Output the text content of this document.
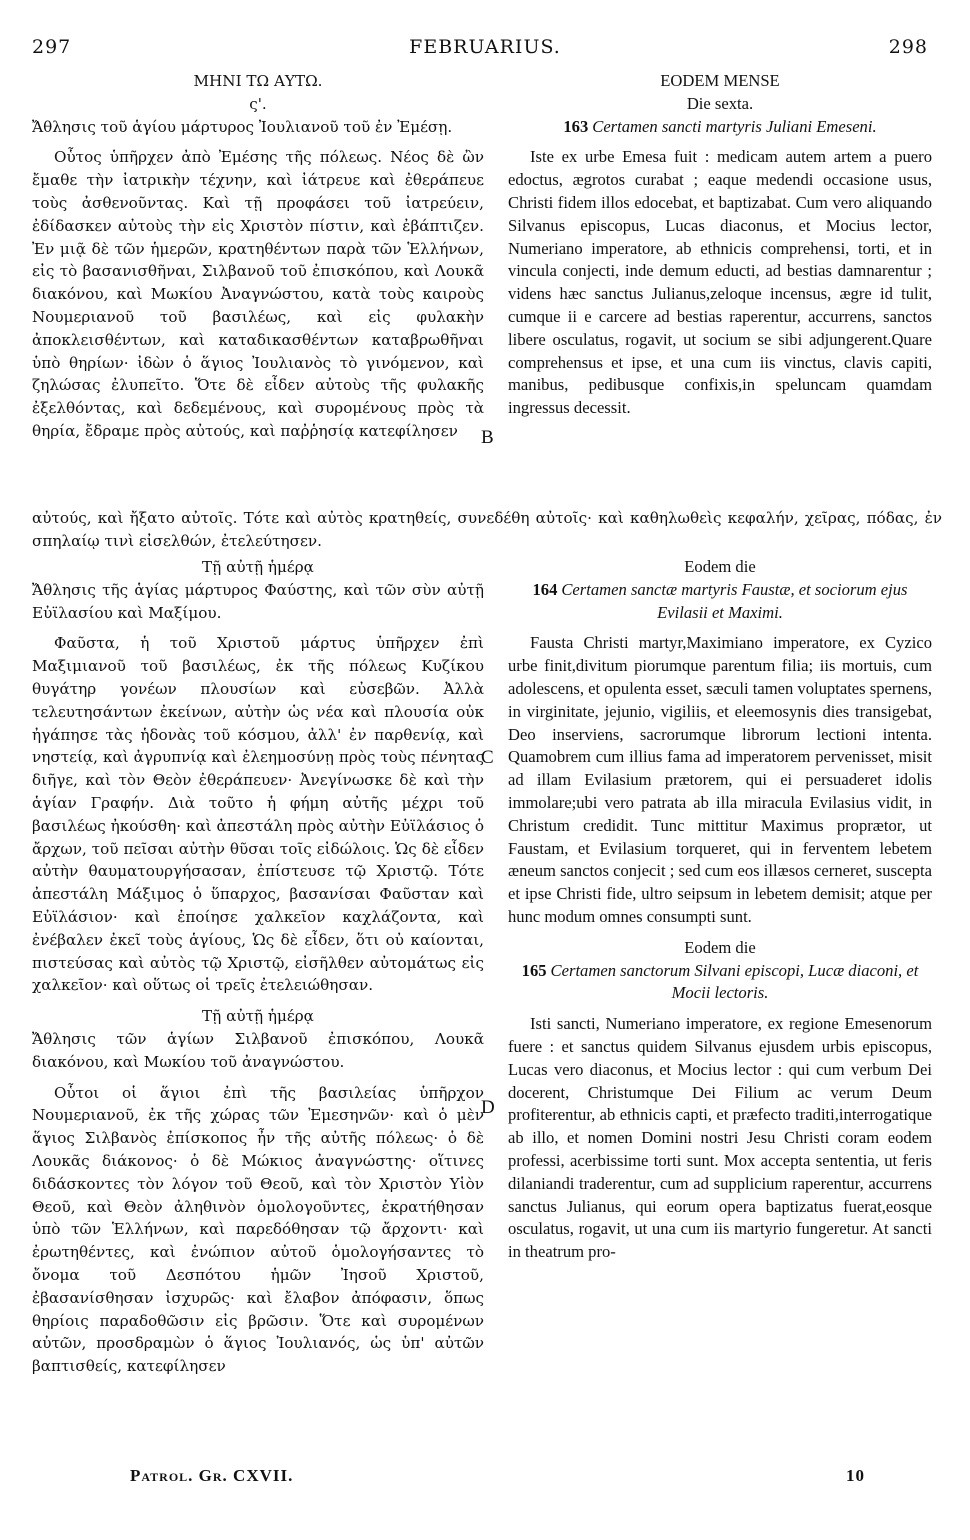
297	FEBRUARIUS.	298
ΜΗΝΙ ΤΩ ΑΥΤΩ.
ς'.
Ἄθλησις τοῦ ἁγίου μάρτυρος Ἰουλιανοῦ τοῦ ἐν Ἐμέσῃ.

Οὗτος ὑπῆρχεν ἀπὸ Ἐμέσης τῆς πόλεως. Νέος δὲ ὢν ἔμαθε τὴν ἰατρικὴν τέχνην, καὶ ἰάτρευε καὶ ἐθεράπευε τοὺς ἀσθενοῦντας. Καὶ τῇ προφάσει τοῦ ἰατρεύειν, ἐδίδασκεν αὐτοὺς τὴν εἰς Χριστὸν πίστιν, καὶ ἐβάπτιζεν. Ἐν μιᾷ δὲ τῶν ἡμερῶν, κρατηθέντων παρὰ τῶν Ἑλλήνων, εἰς τὸ βασανισθῆναι, Σιλβανοῦ τοῦ ἐπισκόπου, καὶ Λουκᾶ διακόνου, καὶ Μωκίου Ἀναγνώστου, κατὰ τοὺς καιροὺς Νουμεριανοῦ τοῦ βασιλέως, καὶ εἰς φυλακὴν ἀποκλεισθέντων, καὶ καταδικασθέντων καταβρωθῆναι ὑπὸ θηρίων· ἰδὼν ὁ ἅγιος Ἰουλιανὸς τὸ γινόμενον, καὶ ζηλώσας ἐλυπεῖτο. Ὅτε δὲ εἶδεν αὐτοὺς τῆς φυλακῆς ἐξελθόντας, καὶ δεδεμένους, καὶ συρομένους πρὸς τὰ θηρία, ἔδραμε πρὸς αὐτούς, καὶ παῤῥησίᾳ κατεφίλησεν

αὐτούς, καὶ ἤξατο αὐτοῖς. Τότε καὶ αὐτὸς κρατηθείς, συνεδέθη αὐτοῖς· καὶ καθηλωθεὶς κεφαλήν, χεῖρας, πόδας, ἐν σπηλαίῳ τινὶ εἰσελθών, ἐτελεύτησεν.
Τῇ αὐτῇ ἡμέρᾳ
Ἄθλησις τῆς ἁγίας μάρτυρος Φαύστης, καὶ τῶν σὺν αὐτῇ Εὐϊλασίου καὶ Μαξίμου.

Φαῦστα, ἡ τοῦ Χριστοῦ μάρτυς ὑπῆρχεν ἐπὶ Μαξιμιανοῦ τοῦ βασιλέως, ἐκ τῆς πόλεως Κυζίκου θυγάτηρ γονέων πλουσίων καὶ εὐσεβῶν. Ἀλλὰ τελευτησάντων ἐκείνων, αὐτὴν ὡς νέα καὶ πλουσία οὐκ ἠγάπησε τὰς ἡδονὰς τοῦ κόσμου, ἀλλ' ἐν παρθενίᾳ, καὶ νηστείᾳ, καὶ ἀγρυπνίᾳ καὶ ἐλεημοσύνῃ πρὸς τοὺς πένητας διῆγε, καὶ τὸν Θεὸν ἐθεράπευεν· Ἀνεγίνωσκε δὲ καὶ τὴν ἁγίαν Γραφήν. Διὰ τοῦτο ἡ φήμη αὐτῆς μέχρι τοῦ βασιλέως ἠκούσθη· καὶ ἀπεστάλη πρὸς αὐτὴν Εὐϊλάσιος ὁ ἄρχων, τοῦ πεῖσαι αὐτὴν θῦσαι τοῖς εἰδώλοις. Ὡς δὲ εἶδεν αὐτὴν θαυματουργήσασαν, ἐπίστευσε τῷ Χριστῷ. Τότε ἀπεστάλη Μάξιμος ὁ ὕπαρχος, βασανίσαι Φαῦσταν καὶ Εὐϊλάσιον· καὶ ἐποίησε χαλκεῖον καχλάζοντα, καὶ ἐνέβαλεν ἐκεῖ τοὺς ἁγίους, Ὡς δὲ εἶδεν, ὅτι οὐ καίονται, πιστεύσας καὶ αὐτὸς τῷ Χριστῷ, εἰσῆλθεν αὐτομάτως εἰς χαλκεῖον· καὶ οὕτως οἱ τρεῖς ἐτελειώθησαν.

Τῇ αὐτῇ ἡμέρᾳ
Ἄθλησις τῶν ἁγίων Σιλβανοῦ ἐπισκόπου, Λουκᾶ διακόνου, καὶ Μωκίου τοῦ ἀναγνώστου.

Οὗτοι οἱ ἅγιοι ἐπὶ τῆς βασιλείας ὑπῆρχον Νουμεριανοῦ, ἐκ τῆς χώρας τῶν Ἐμεσηνῶν· καὶ ὁ μὲν ἅγιος Σιλβανὸς ἐπίσκοπος ἦν τῆς αὐτῆς πόλεως· ὁ δὲ Λουκᾶς διάκονος· ὁ δὲ Μώκιος ἀναγνώστης· οἵτινες διδάσκοντες τὸν λόγον τοῦ Θεοῦ, καὶ τὸν Χριστὸν Υἱὸν Θεοῦ, καὶ Θεὸν ἀληθινὸν ὁμολογοῦντες, ἐκρατήθησαν ὑπὸ τῶν Ἑλλήνων, καὶ παρεδόθησαν τῷ ἄρχοντι· καὶ ἐρωτηθέντες, καὶ ἐνώπιον αὐτοῦ ὁμολογήσαντες τὸ ὄνομα τοῦ Δεσπότου ἡμῶν Ἰησοῦ Χριστοῦ, ἐβασανίσθησαν ἰσχυρῶς· καὶ ἔλαβον ἀπόφασιν, ὅπως θηρίοις παραδοθῶσιν εἰς βρῶσιν. Ὅτε καὶ συρομένων αὐτῶν, προσδραμὼν ὁ ἅγιος Ἰουλιανός, ὡς ὑπ' αὐτῶν βαπτισθείς, κατεφίλησεν

EODEM MENSE
Die sexta.
163 Certamen sancti martyris Juliani Emeseni.

Iste ex urbe Emesa fuit : medicam autem artem a puero edoctus, ægrotos curabat ; eaque medendi occasione usus, Christi fidem illos edocebat, et baptizabat. Cum vero aliquando Silvanus episcopus, Lucas diaconus, et Mocius lector, Numeriano imperatore, ab ethnicis comprehensi, torti, et in vincula conjecti, inde demum educti, ad bestias damnarentur ; videns hæc sanctus Julianus,zeloque incensus, ægre id tulit, cumque ii e carcere ad bestias raperentur, accurrens, sanctos libere osculatus, rogavit, ut socium se sibi adjungerent.Quare comprehensus et ipse, et una cum iis vinctus, clavis capiti, manibus, pedibusque confixis,in speluncam quamdam ingressus decessit.

Eodem die
164 Certamen sanctæ martyris Faustæ, et sociorum ejus Evilasii et Maximi.

Fausta Christi martyr,Maximiano imperatore, ex Cyzico urbe finit,divitum piorumque parentum filia; iis mortuis, cum adolescens, et opulenta esset, sæculi tamen voluptates spernens, in virginitate, jejunio, vigiliis, et eleemosynis dies transigebat, Deo inserviens, sacrorumque librorum lectioni intenta. Quamobrem cum illius fama ad imperatorem pervenisset, misit ad illam Evilasium prætorem, qui ei persuaderet idolis immolare;ubi vero patrata ab illa miracula Evilasius vidit, in Christum credidit. Tunc mittitur Maximus proprætor, ut Faustam, et Evilasium torqueret, qui in ferventem lebetem æneum sanctos conjecit ; sed cum eos illæsos cerneret, suscepta et ipse Christi fide, ultro seipsum in lebetem demisit; atque per hunc modum omnes consumpti sunt.

Eodem die
165 Certamen sanctorum Silvani episcopi, Lucæ diaconi, et Mocii lectoris.

Isti sancti, Numeriano imperatore, ex regione Emesenorum fuere : et sanctus quidem Silvanus ejusdem urbis episcopus, Lucas vero diaconus, et Mocius lector : qui cum verbum Dei docerent, Christumque Dei Filium ac verum Deum profiterentur, ab ethnicis capti, et præfecto traditi,interrogatique ab illo, et nomen Domini nostri Jesu Christi coram eodem professi, acerbissime torti sunt. Mox accepta sententia, ut feris dilaniandi traderentur, cum ad supplicium raperentur, accurrens sanctus Julianus, qui eorum opera baptizatus fuerat,eosque osculatus, rogavit, ut una cum iis martyrio fungeretur. At sancti in theatrum pro-

B
C
D
Patrol. Gr. CXVII.	10
